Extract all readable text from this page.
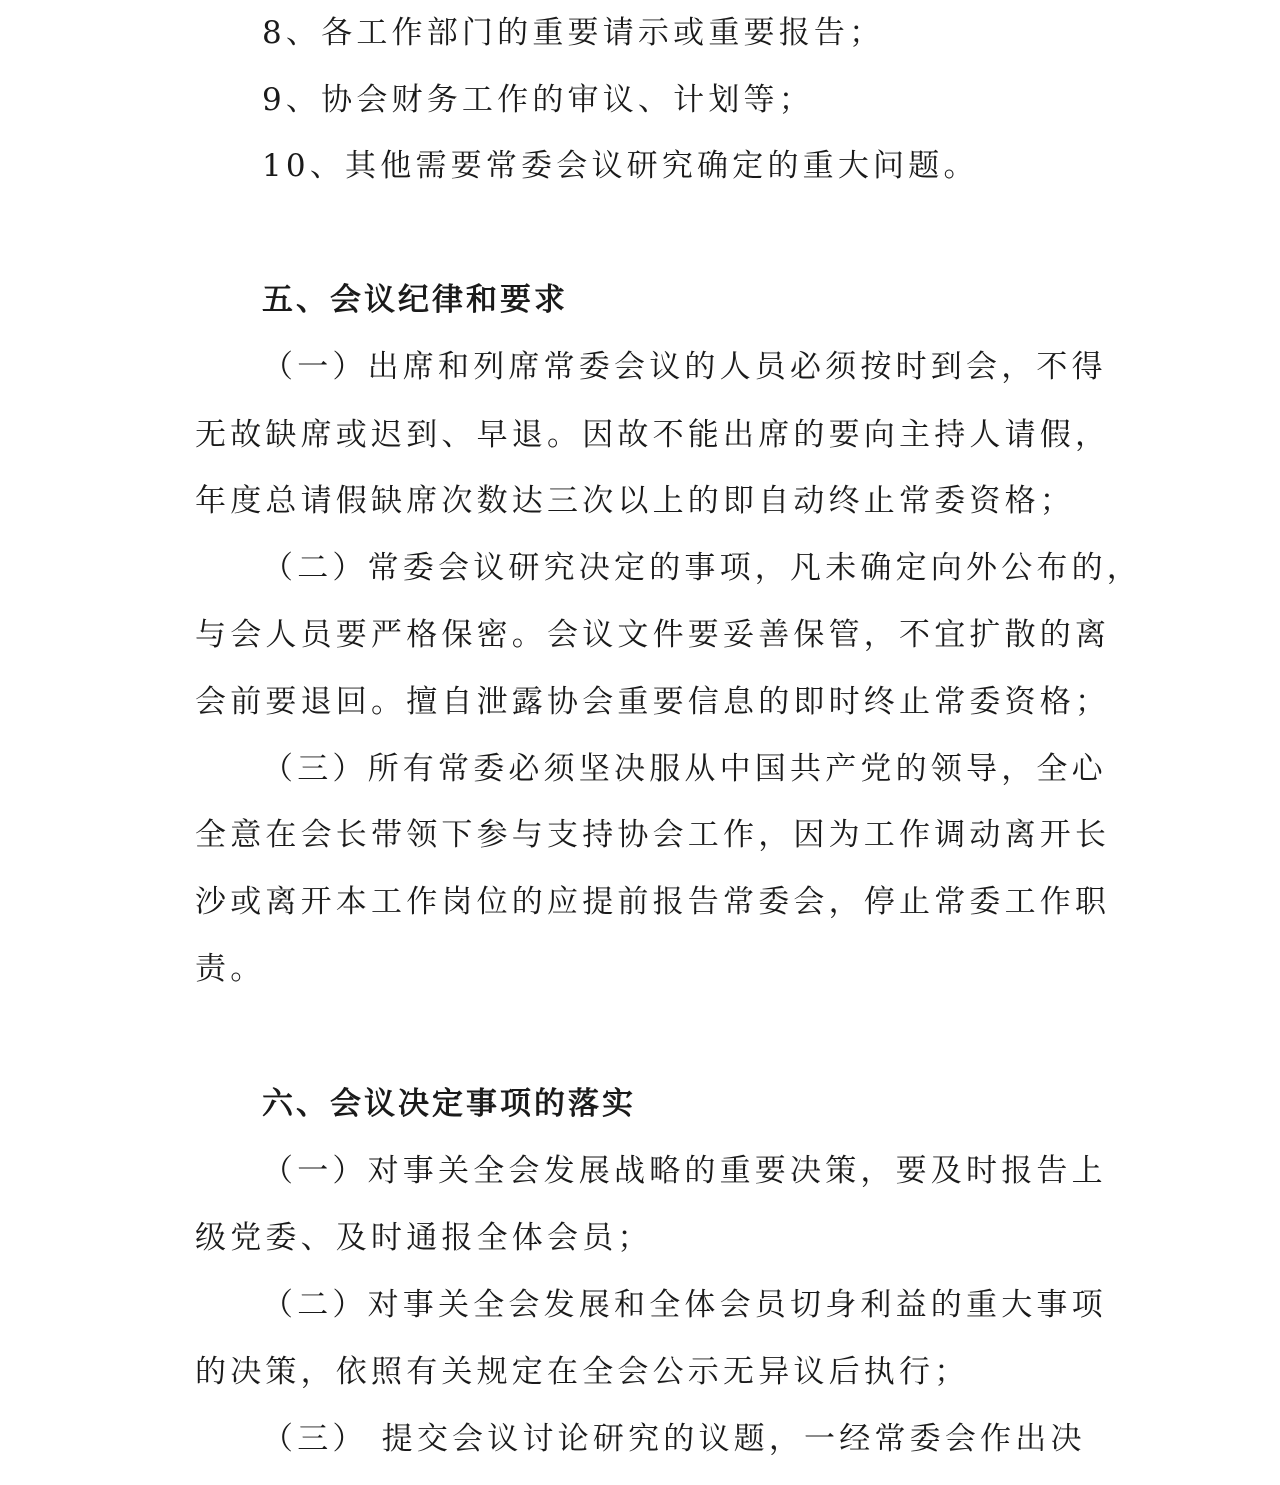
8、各工作部门的重要请示或重要报告；

9、协会财务工作的审议、计划等；

10、其他需要常委会议研究确定的重大问题。

五、会议纪律和要求

（一）出席和列席常委会议的人员必须按时到会，不得

无故缺席或迟到、早退。因故不能出席的要向主持人请假，

年度总请假缺席次数达三次以上的即自动终止常委资格；

（二）常委会议研究决定的事项，凡未确定向外公布的，

与会人员要严格保密。会议文件要妥善保管，不宜扩散的离

会前要退回。擅自泄露协会重要信息的即时终止常委资格；

（三）所有常委必须坚决服从中国共产党的领导，全心

全意在会长带领下参与支持协会工作，因为工作调动离开长

沙或离开本工作岗位的应提前报告常委会，停止常委工作职

责。

六、会议决定事项的落实

（一）对事关全会发展战略的重要决策，要及时报告上

级党委、及时通报全体会员；

（二）对事关全会发展和全体会员切身利益的重大事项

的决策，依照有关规定在全会公示无异议后执行；

（三） 提交会议讨论研究的议题，一经常委会作出决
